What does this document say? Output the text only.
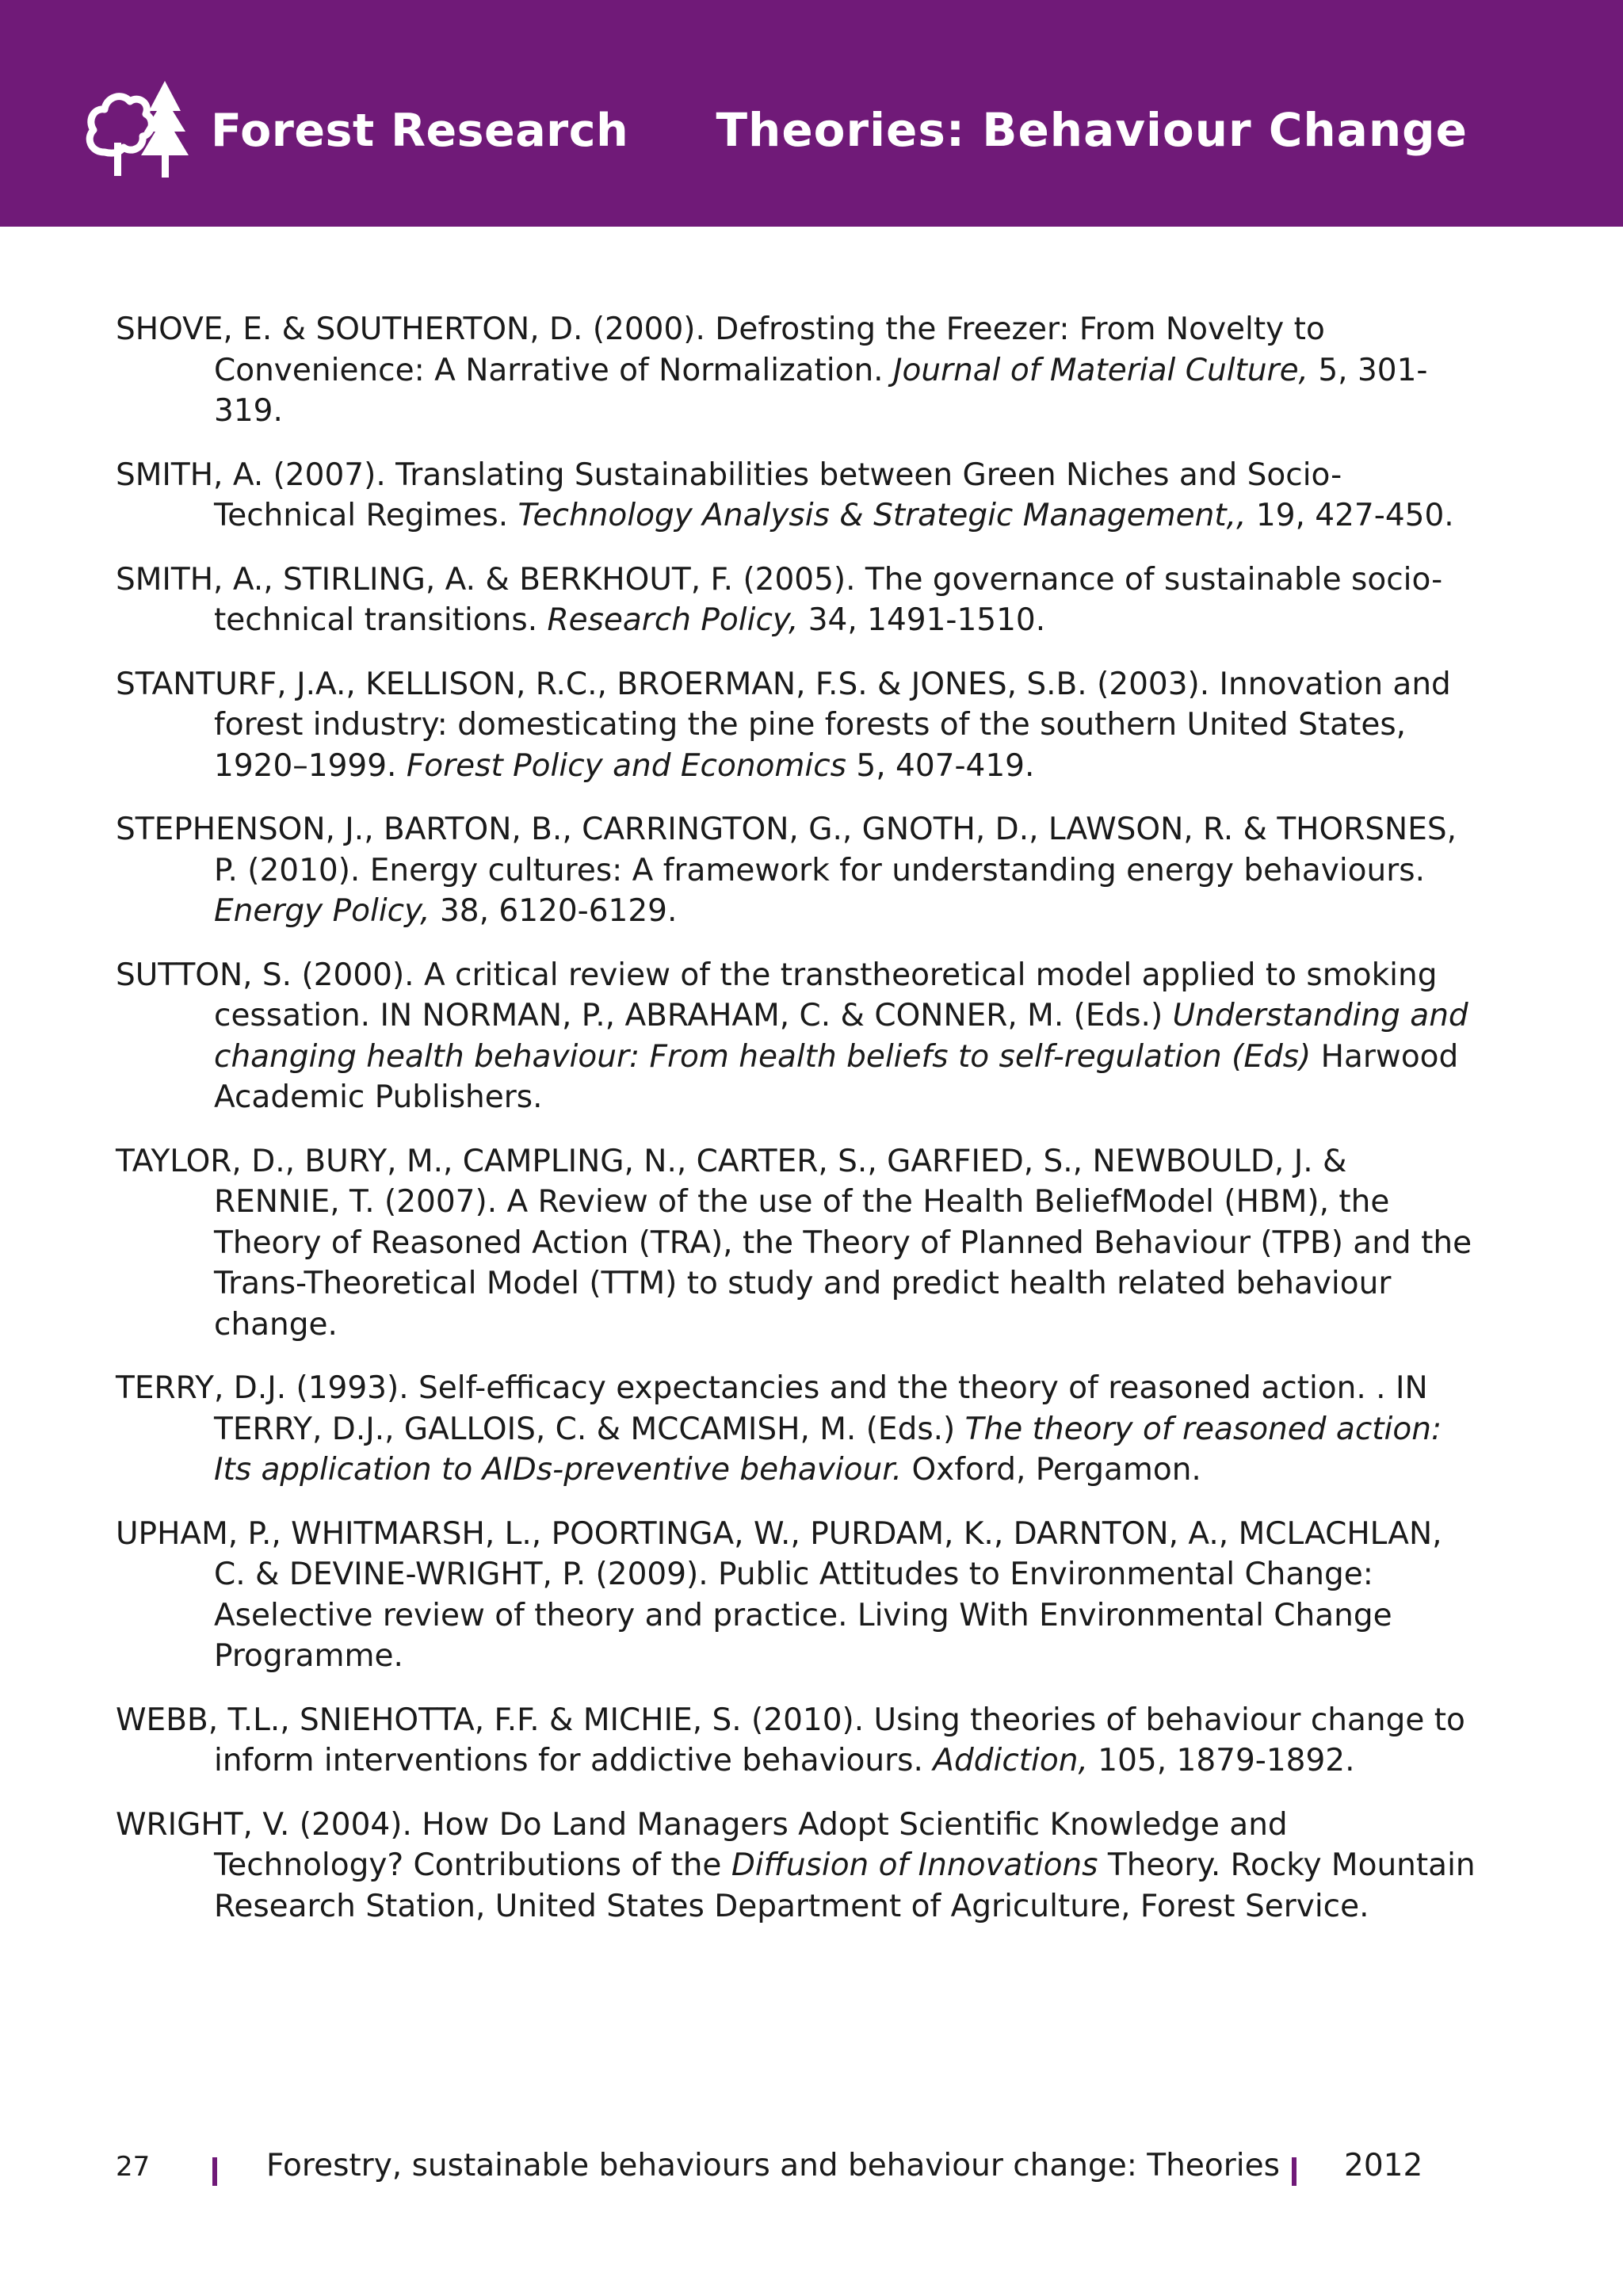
Forest Research Theories: Behaviour Change

SHOVE, E. & SOUTHERTON, D. (2000). Defrosting the Freezer: From Novelty to Convenience: A Narrative of Normalization. Journal of Material Culture, 5, 301-319.

SMITH, A. (2007). Translating Sustainabilities between Green Niches and Socio-Technical Regimes. Technology Analysis & Strategic Management,, 19, 427-450.

SMITH, A., STIRLING, A. & BERKHOUT, F. (2005). The governance of sustainable socio-technical transitions. Research Policy, 34, 1491-1510.

STANTURF, J.A., KELLISON, R.C., BROERMAN, F.S. & JONES, S.B. (2003). Innovation and forest industry: domesticating the pine forests of the southern United States, 1920–1999. Forest Policy and Economics 5, 407-419.

STEPHENSON, J., BARTON, B., CARRINGTON, G., GNOTH, D., LAWSON, R. & THORSNES, P. (2010). Energy cultures: A framework for understanding energy behaviours. Energy Policy, 38, 6120-6129.

SUTTON, S. (2000). A critical review of the transtheoretical model applied to smoking cessation. IN NORMAN, P., ABRAHAM, C. & CONNER, M. (Eds.) Understanding and changing health behaviour: From health beliefs to self-regulation (Eds) Harwood Academic Publishers.

TAYLOR, D., BURY, M., CAMPLING, N., CARTER, S., GARFIED, S., NEWBOULD, J. & RENNIE, T. (2007). A Review of the use of the Health BeliefModel (HBM), the Theory of Reasoned Action (TRA), the Theory of Planned Behaviour (TPB) and the Trans-Theoretical Model (TTM) to study and predict health related behaviour change.

TERRY, D.J. (1993). Self-efficacy expectancies and the theory of reasoned action. . IN TERRY, D.J., GALLOIS, C. & MCCAMISH, M. (Eds.) The theory of reasoned action: Its application to AIDs-preventive behaviour. Oxford, Pergamon.

UPHAM, P., WHITMARSH, L., POORTINGA, W., PURDAM, K., DARNTON, A., MCLACHLAN, C. & DEVINE-WRIGHT, P. (2009). Public Attitudes to Environmental Change: Aselective review of theory and practice. Living With Environmental Change Programme.

WEBB, T.L., SNIEHOTTA, F.F. & MICHIE, S. (2010). Using theories of behaviour change to inform interventions for addictive behaviours. Addiction, 105, 1879-1892.

WRIGHT, V. (2004). How Do Land Managers Adopt Scientific Knowledge and Technology? Contributions of the Diffusion of Innovations Theory. Rocky Mountain Research Station, United States Department of Agriculture, Forest Service.

27	Forestry, sustainable behaviours and behaviour change: Theories 2012
